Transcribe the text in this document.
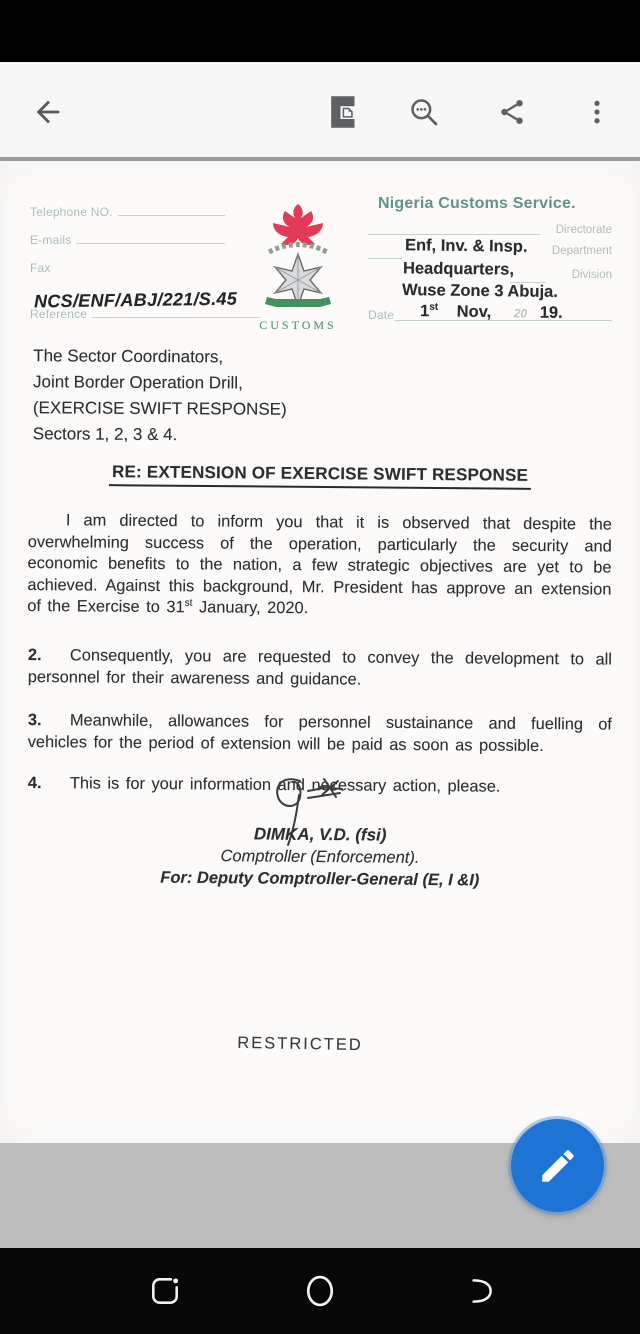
Telephone NO.
E-mails
Fax
Reference
NCS/ENF/ABJ/221/S.45
CUSTOMS
Nigeria Customs Service.
Directorate
Enf, Inv. & Insp.	Department
Headquarters,	Division
Wuse Zone 3 Abuja.
Date 1st Nov, 20 19.
The Sector Coordinators,
Joint Border Operation Drill,
(EXERCISE SWIFT RESPONSE)
Sectors 1, 2, 3 & 4.
RE: EXTENSION OF EXERCISE SWIFT RESPONSE

I am directed to inform you that it is observed that despite the overwhelming success of the operation, particularly the security and economic benefits to the nation, a few strategic objectives are yet to be achieved. Against this background, Mr. President has approve an extension of the Exercise to 31st January, 2020.

2. Consequently, you are requested to convey the development to all personnel for their awareness and guidance.

3. Meanwhile, allowances for personnel sustainance and fuelling of vehicles for the period of extension will be paid as soon as possible.

4. This is for your information and necessary action, please.

DIMKA, V.D. (fsi)
Comptroller (Enforcement).
For: Deputy Comptroller-General (E, I &I)
RESTRICTED
